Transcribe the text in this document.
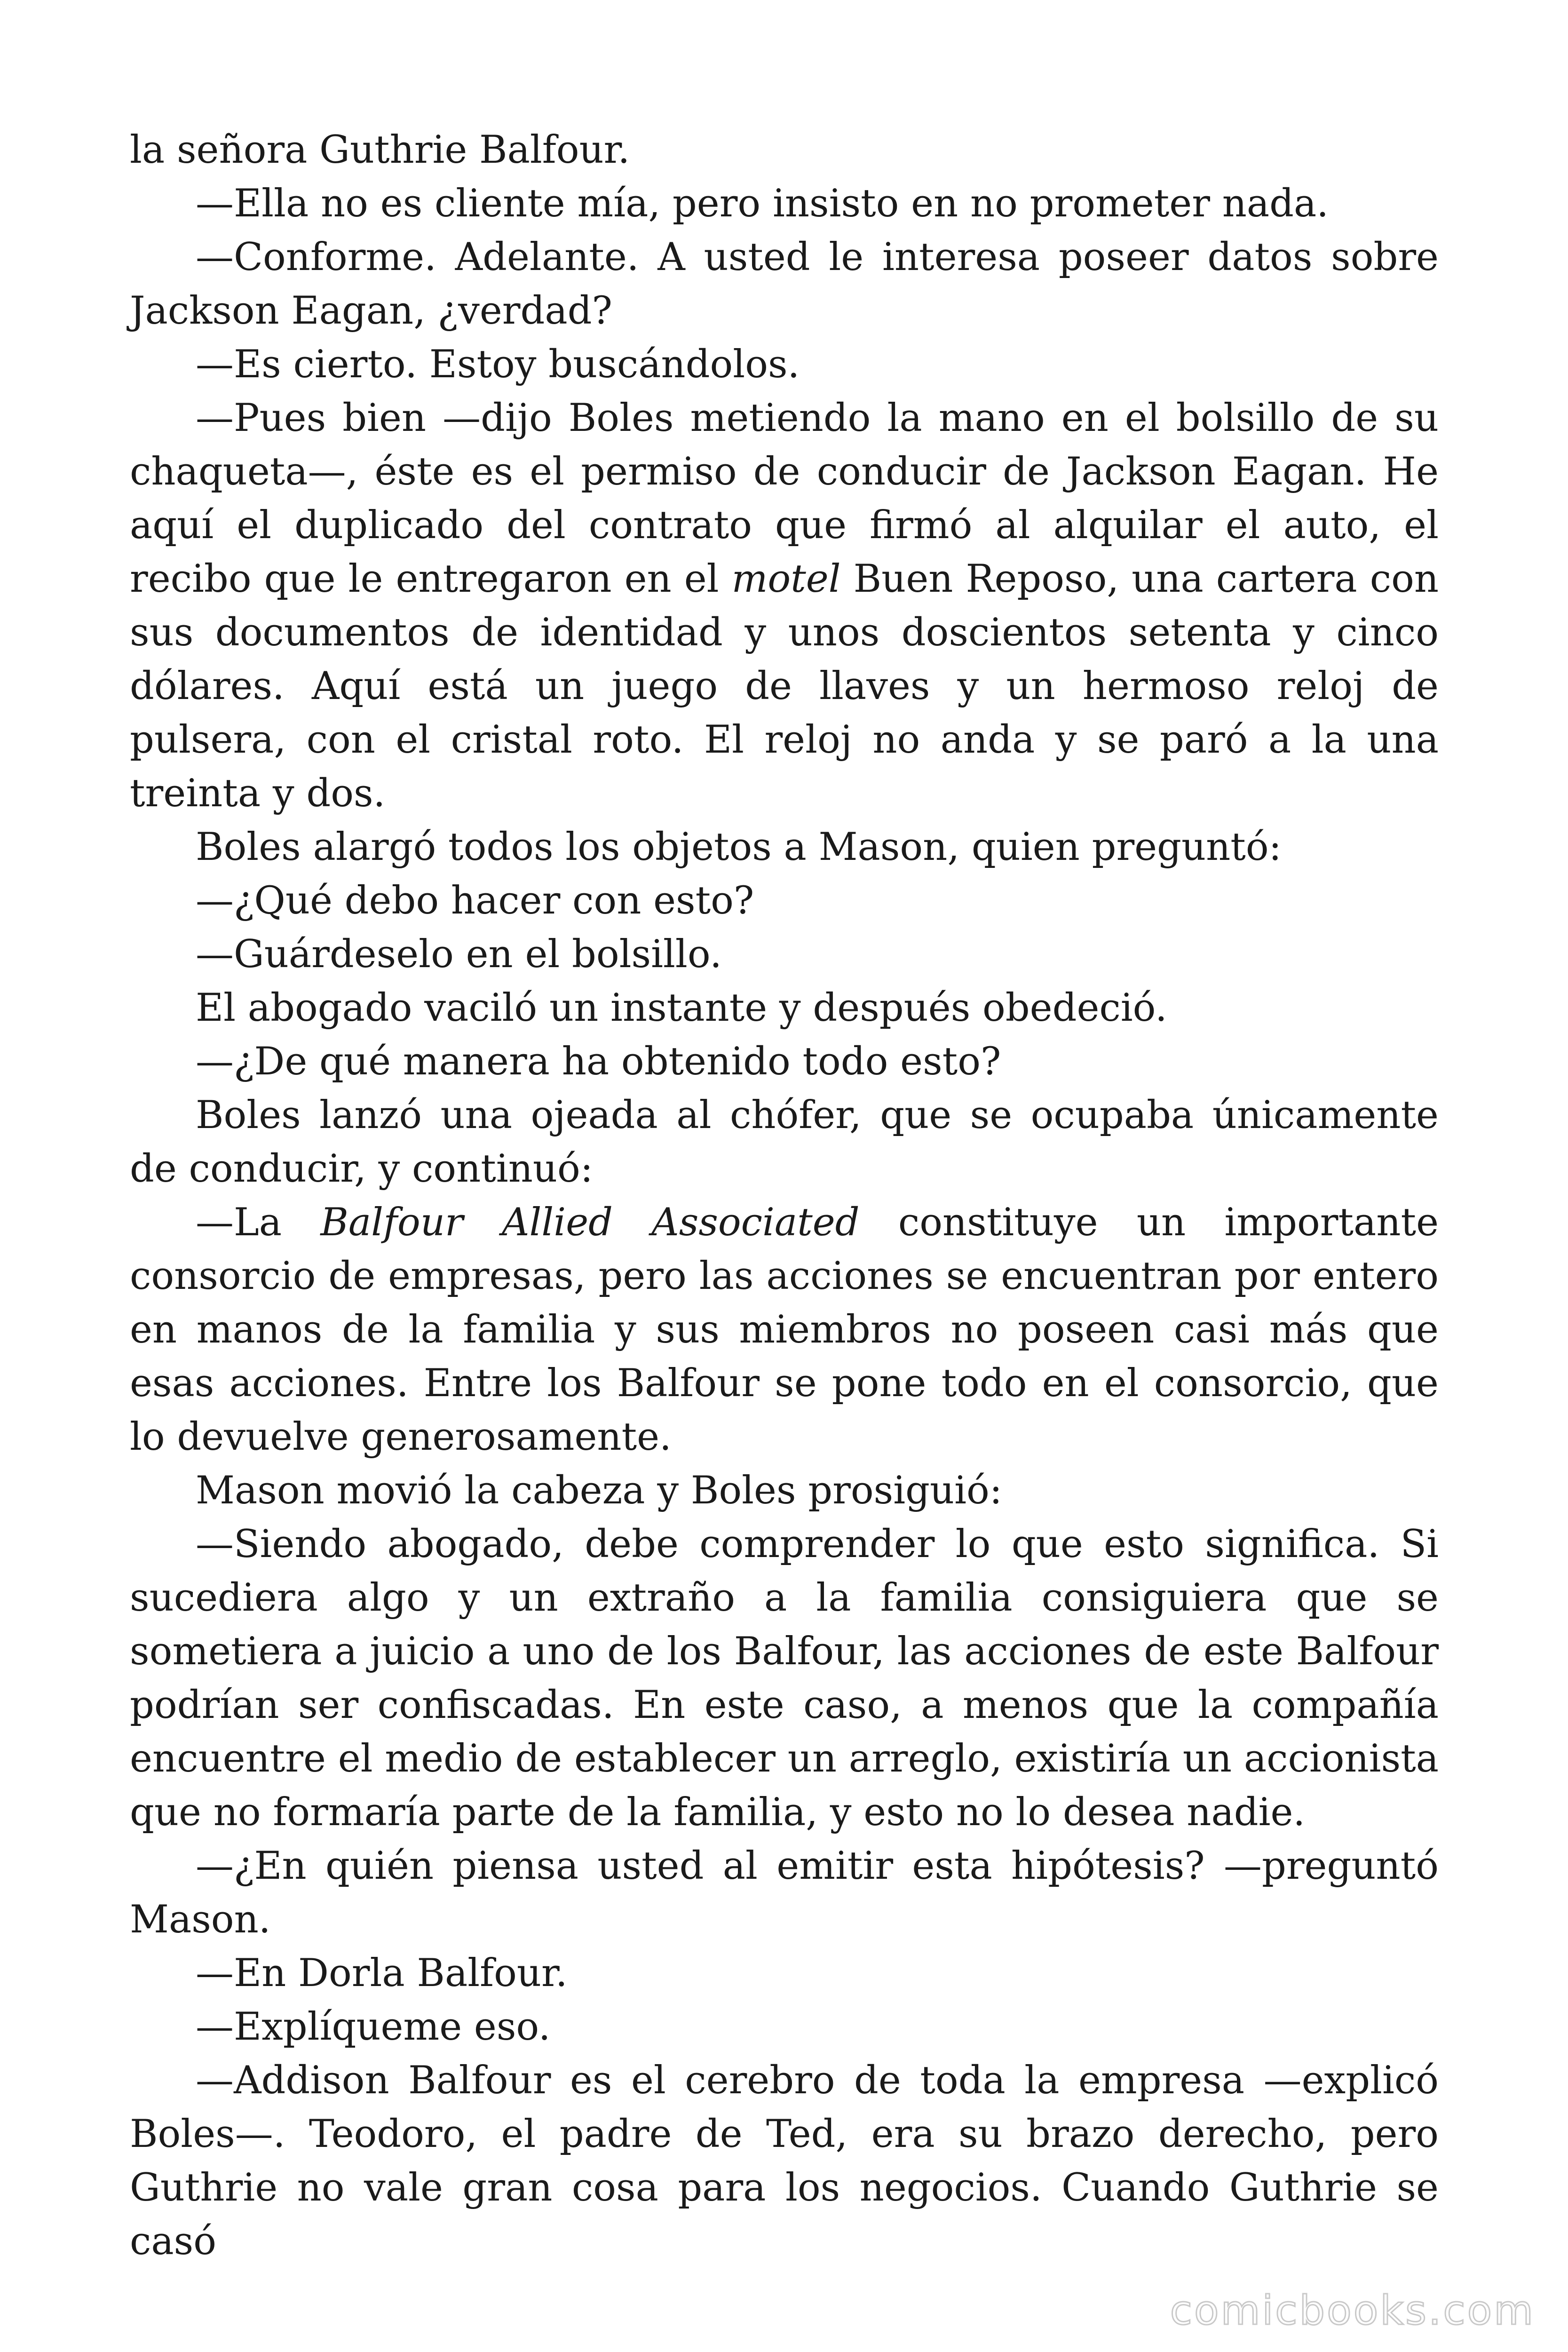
la señora Guthrie Balfour.

—Ella no es cliente mía, pero insisto en no prometer nada.

—Conforme. Adelante. A usted le interesa poseer datos sobre Jackson Eagan, ¿verdad?

—Es cierto. Estoy buscándolos.

—Pues bien —dijo Boles metiendo la mano en el bolsillo de su chaqueta—, éste es el permiso de conducir de Jackson Eagan. He aquí el duplicado del contrato que firmó al alquilar el auto, el recibo que le entregaron en el motel Buen Reposo, una cartera con sus documentos de identidad y unos doscientos setenta y cinco dólares. Aquí está un juego de llaves y un hermoso reloj de pulsera, con el cristal roto. El reloj no anda y se paró a la una treinta y dos.

Boles alargó todos los objetos a Mason, quien preguntó:

—¿Qué debo hacer con esto?

—Guárdeselo en el bolsillo.

El abogado vaciló un instante y después obedeció.

—¿De qué manera ha obtenido todo esto?

Boles lanzó una ojeada al chófer, que se ocupaba únicamente de conducir, y continuó:

—La Balfour Allied Associated constituye un importante consorcio de empresas, pero las acciones se encuentran por entero en manos de la familia y sus miembros no poseen casi más que esas acciones. Entre los Balfour se pone todo en el consorcio, que lo devuelve generosamente.

Mason movió la cabeza y Boles prosiguió:

—Siendo abogado, debe comprender lo que esto significa. Si sucediera algo y un extraño a la familia consiguiera que se sometiera a juicio a uno de los Balfour, las acciones de este Balfour podrían ser confiscadas. En este caso, a menos que la compañía encuentre el medio de establecer un arreglo, existiría un accionista que no formaría parte de la familia, y esto no lo desea nadie.

—¿En quién piensa usted al emitir esta hipótesis? —preguntó Mason.

—En Dorla Balfour.

—Explíqueme eso.

—Addison Balfour es el cerebro de toda la empresa —explicó Boles—. Teodoro, el padre de Ted, era su brazo derecho, pero Guthrie no vale gran cosa para los negocios. Cuando Guthrie se casó

comicbooks.com
